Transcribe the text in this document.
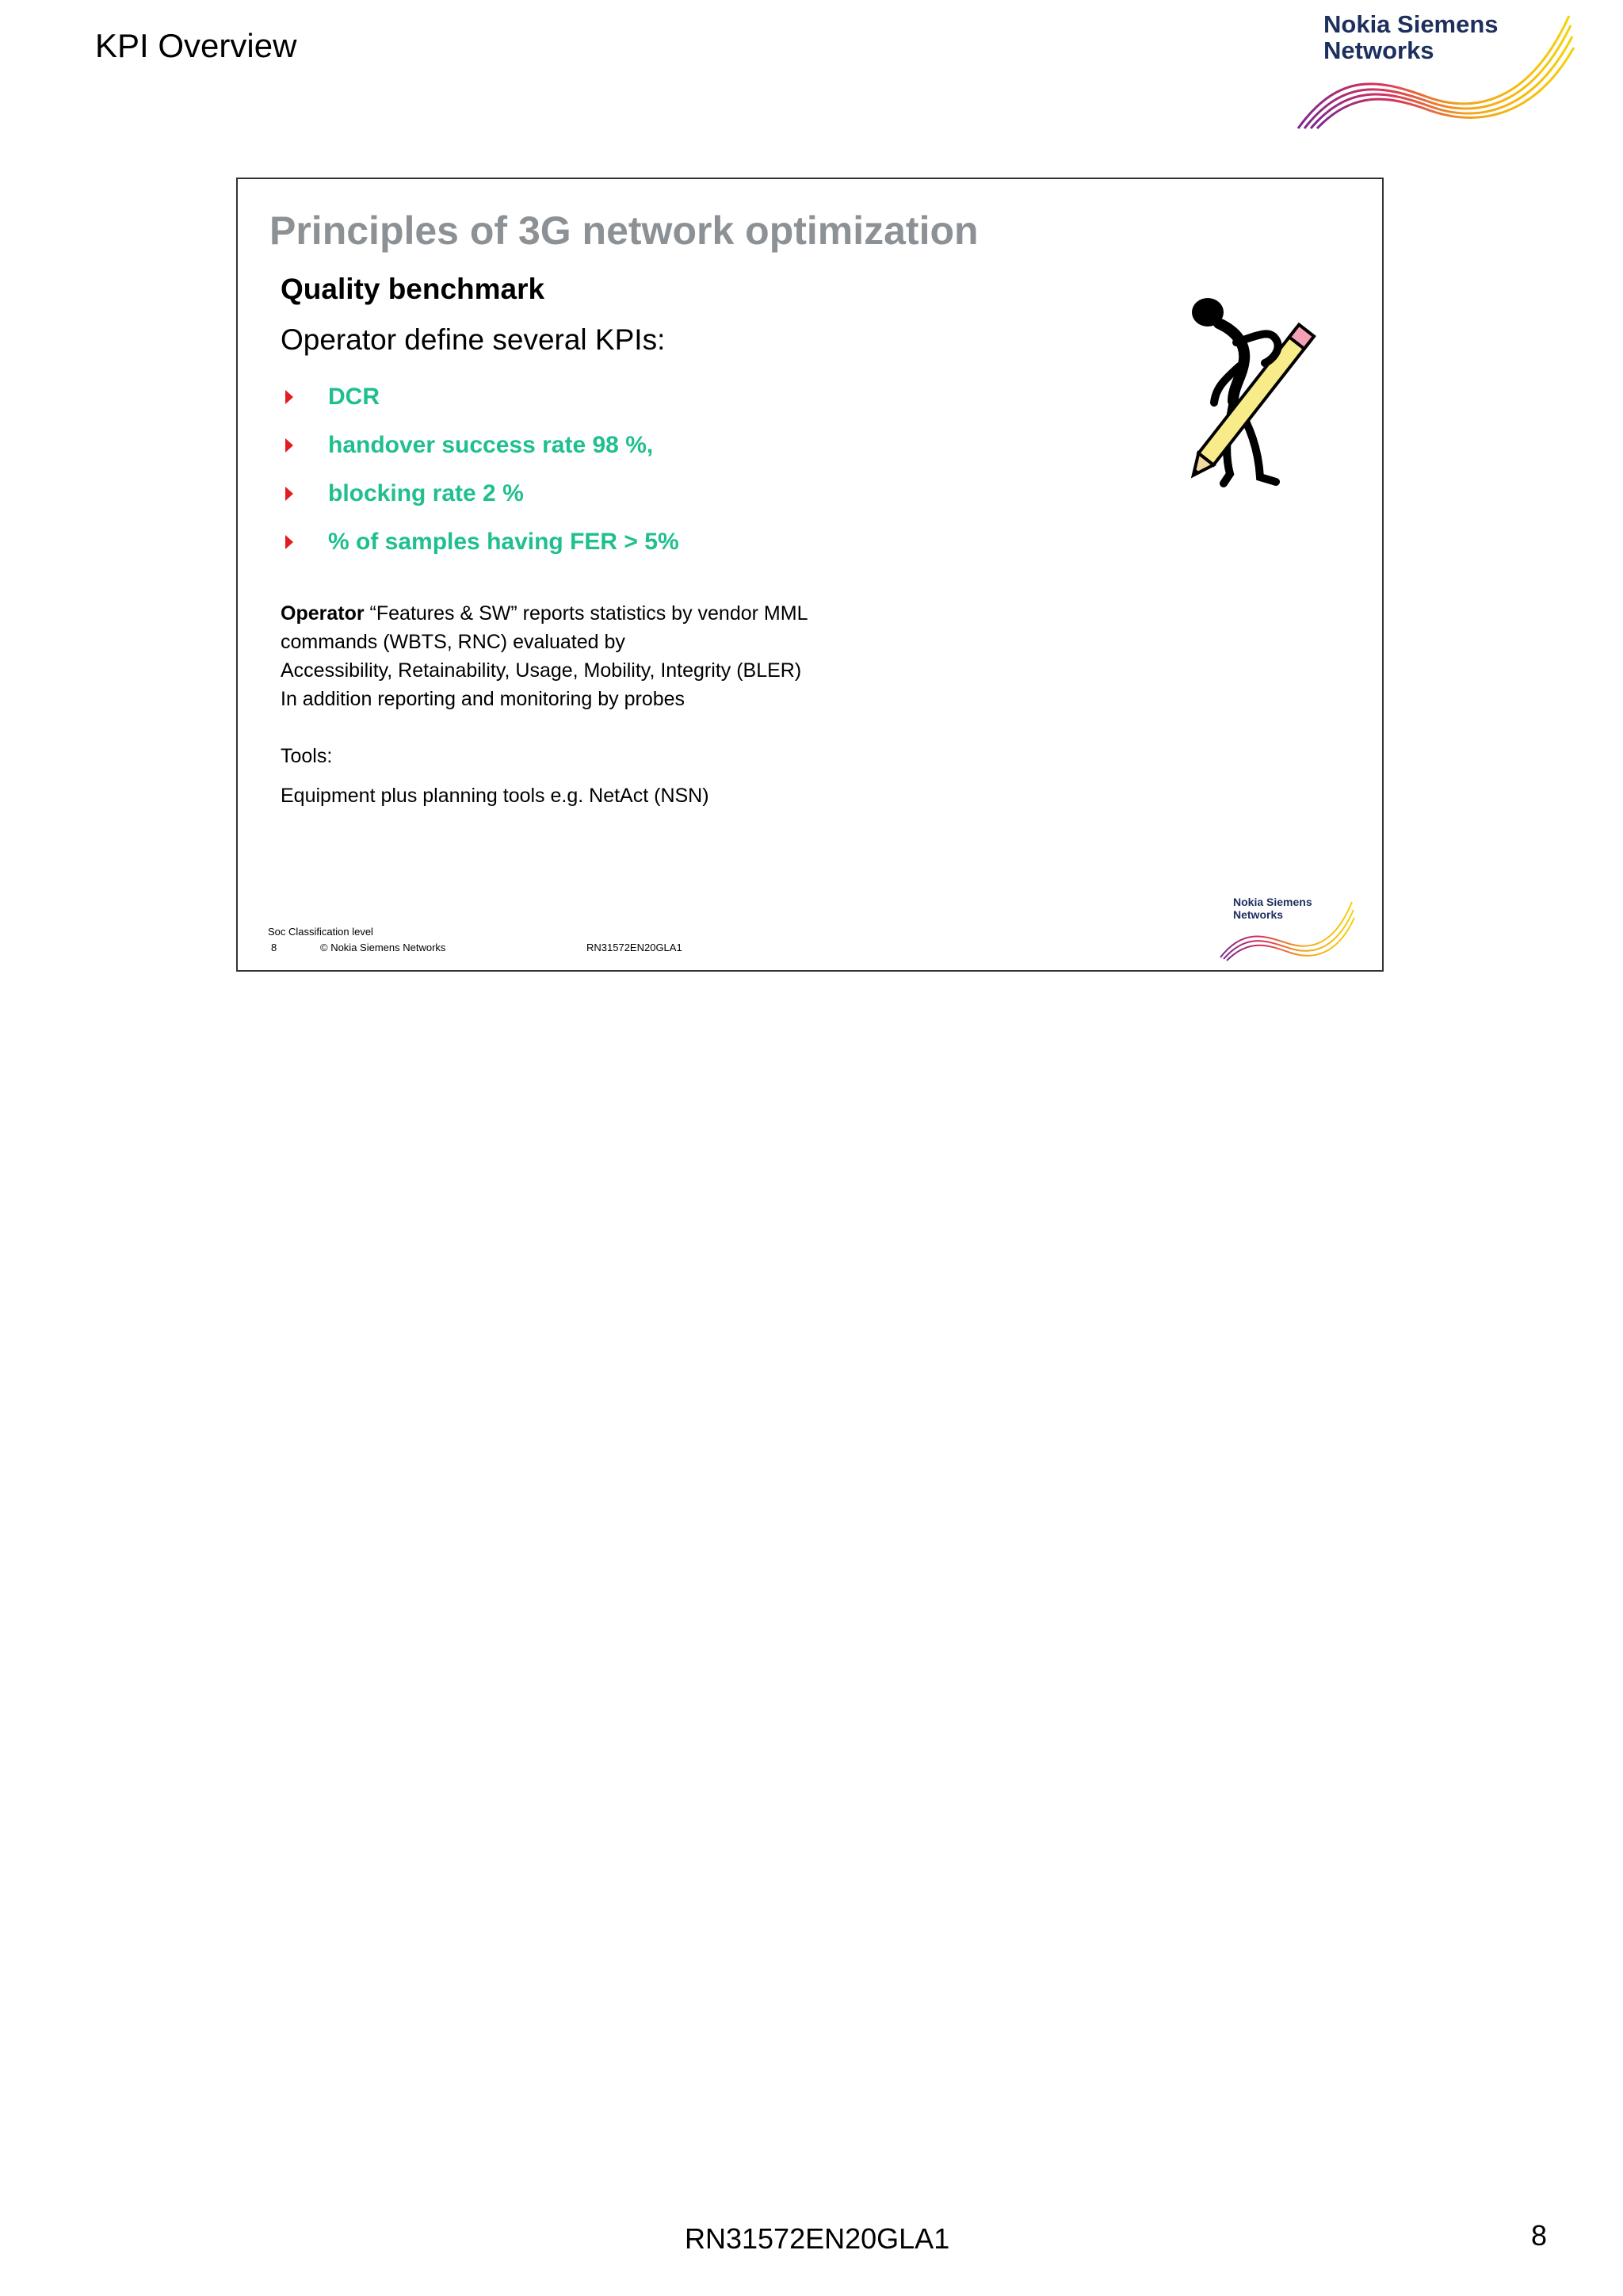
KPI Overview
Nokia Siemens
Networks
Principles of 3G network optimization
Quality benchmark
Operator define several KPIs:
DCR
handover success rate 98 %,
blocking rate 2 %
% of samples having FER > 5%
Operator “Features & SW” reports statistics by vendor MML
commands (WBTS, RNC) evaluated by
Accessibility, Retainability, Usage, Mobility, Integrity (BLER)
In addition reporting and monitoring by probes
Tools:
Equipment plus planning tools e.g. NetAct (NSN)
Soc Classification level
8	© Nokia Siemens Networks	RN31572EN20GLA1
Nokia Siemens
Networks
RN31572EN20GLA1	8
